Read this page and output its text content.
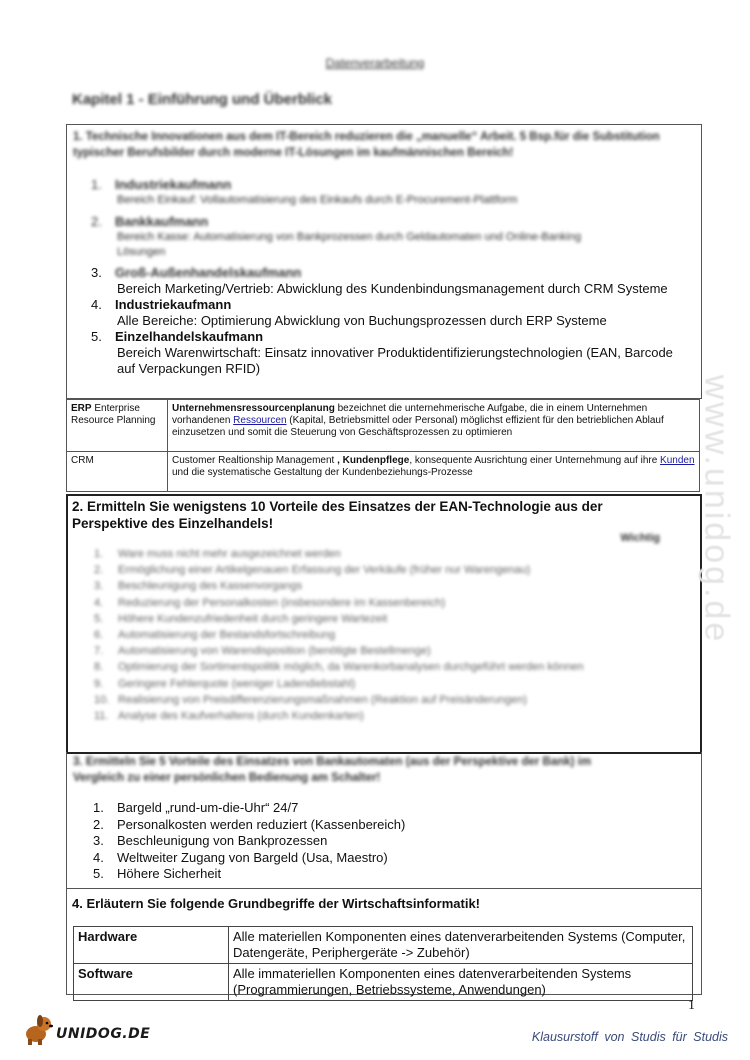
Datenverarbeitung
Kapitel 1 - Einführung und Überblick
1. Technische Innovationen aus dem IT-Bereich reduzieren die „manuelle“ Arbeit. 5 Bsp.für die Substitution typischer Berufsbilder durch moderne IT-Lösungen im kaufmännischen Bereich!
1. Industriekaufmann
Bereich Einkauf: Vollautomatisierung des Einkaufs durch E-Procurement-Plattform
2. Bankkaufmann
Bereich Kasse: Automatisierung von Bankprozessen durch Geldautomaten und Online-Banking Lösungen
3. Groß-Außenhandelskaufmann
Bereich Marketing/Vertrieb: Abwicklung des Kundenbindungsmanagement durch CRM Systeme
4. Industriekaufmann
Alle Bereiche: Optimierung Abwicklung von Buchungsprozessen durch ERP Systeme
5. Einzelhandelskaufmann
Bereich Warenwirtschaft: Einsatz innovativer Produktidentifizierungstechnologien (EAN, Barcode auf Verpackungen RFID)
ERP Enterprise Resource Planning	Unternehmensressourcenplanung bezeichnet die unternehmerische Aufgabe, die in einem Unternehmen vorhandenen Ressourcen (Kapital, Betriebsmittel oder Personal) möglichst effizient für den betrieblichen Ablauf einzusetzen und somit die Steuerung von Geschäftsprozessen zu optimieren
CRM	Customer Realtionship Management , Kundenpflege, konsequente Ausrichtung einer Unternehmung auf ihre Kunden und die systematische Gestaltung der Kundenbeziehungs-Prozesse
2. Ermitteln Sie wenigstens 10 Vorteile des Einsatzes der EAN-Technologie aus der Perspektive des Einzelhandels!
Wichtig
1. Ware muss nicht mehr ausgezeichnet werden
2. Ermöglichung einer Artikelgenauen Erfassung der Verkäufe (früher nur Warengenau)
3. Beschleunigung des Kassenvorgangs
4. Reduzierung der Personalkosten (insbesondere im Kassenbereich)
5. Höhere Kundenzufriedenheit durch geringere Wartezeit
6. Automatisierung der Bestandsfortschreibung
7. Automatisierung von Warendisposition (benötigte Bestellmenge)
8.	Optimierung der Sortimentspolitik möglich, da Warenkorbanalysen durchgeführt werden können
9. Geringere Fehlerquote (weniger Ladendiebstahl)
10. Realisierung von Preisdifferenzierungsmaßnahmen (Reaktion auf Preisänderungen)
11. Analyse des Kaufverhaltens (durch Kundenkarten)
3. Ermitteln Sie 5 Vorteile des Einsatzes von Bankautomaten (aus der Perspektive der Bank) im Vergleich zu einer persönlichen Bedienung am Schalter!
1. Bargeld „rund-um-die-Uhr“ 24/7
2. Personalkosten werden reduziert (Kassenbereich)
3. Beschleunigung von Bankprozessen
4. Weltweiter Zugang von Bargeld (Usa, Maestro)
5. Höhere Sicherheit
4. Erläutern Sie folgende Grundbegriffe der Wirtschaftsinformatik!
Hardware	Alle materiellen Komponenten eines datenverarbeitenden Systems (Computer, Datengeräte, Periphergeräte -> Zubehör)
Software	Alle immateriellen Komponenten eines datenverarbeitenden Systems (Programmierungen, Betriebssysteme, Anwendungen)
1
UNIDOG.DE	Klausurstoff von Studis für Studis
www.unidog.de
